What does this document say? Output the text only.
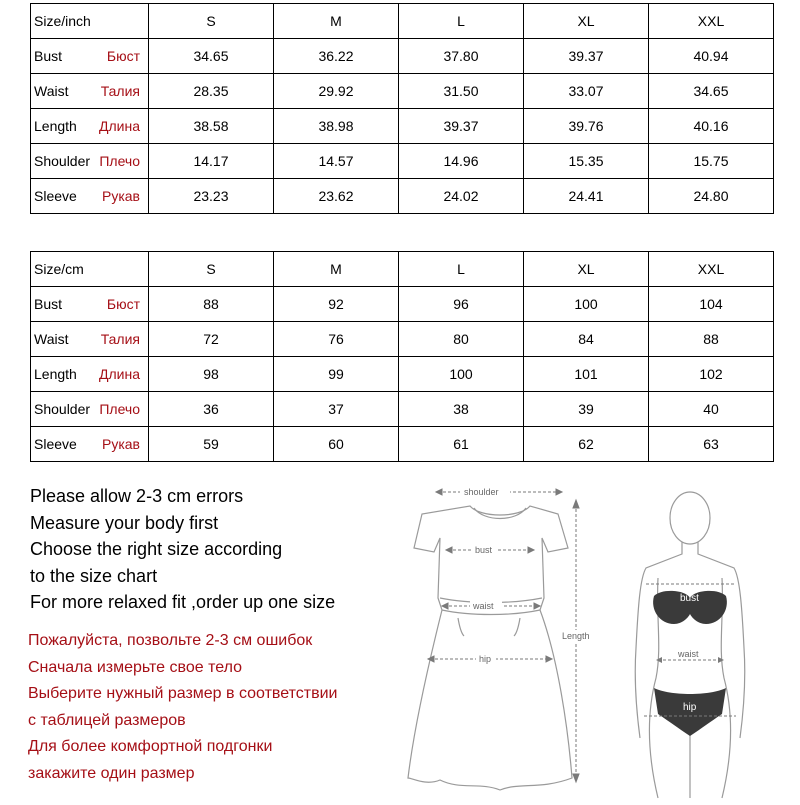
Size/inch	S	M	L	XL	XXL
Bust Бюст	34.65	36.22	37.80	39.37	40.94
Waist Талия	28.35	29.92	31.50	33.07	34.65
Length Длина	38.58	38.98	39.37	39.76	40.16
Shoulder Плечо	14.17	14.57	14.96	15.35	15.75
Sleeve Рукав	23.23	23.62	24.02	24.41	24.80
Size/cm	S	M	L	XL	XXL
Bust Бюст	88	92	96	100	104
Waist Талия	72	76	80	84	88
Length Длина	98	99	100	101	102
Shoulder Плечо	36	37	38	39	40
Sleeve Рукав	59	60	61	62	63
Please allow 2-3 cm errors
Measure your body first
Choose the right size according
to the size chart
For more relaxed fit ,order up one size
Пожалуйста, позвольте 2-3 см ошибок
Сначала измерьте свое тело
Выберите нужный размер в соответствии
с таблицей размеров
Для более комфортной подгонки
закажите один размер
shoulder
bust
waist
hip
Length
bust
waist
hip
